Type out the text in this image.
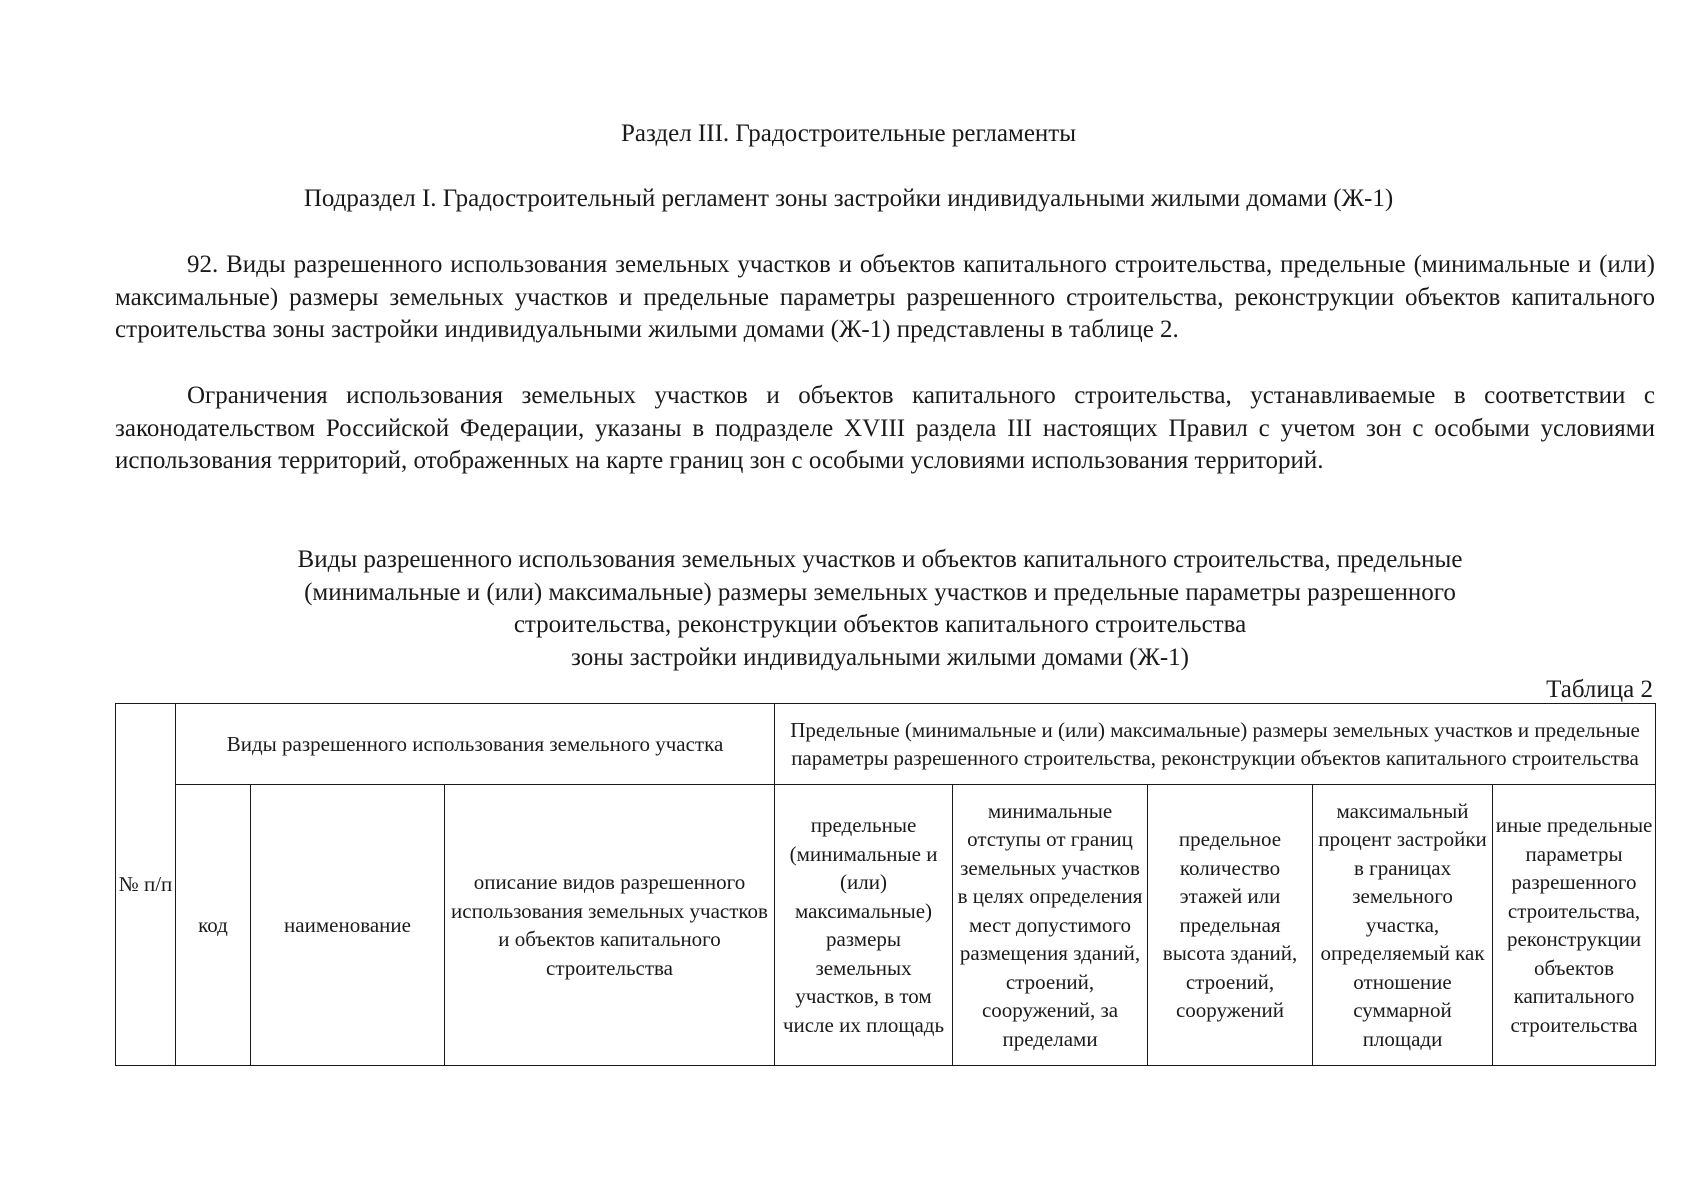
Раздел III. Градостроительные регламенты
Подраздел I. Градостроительный регламент зоны застройки индивидуальными жилыми домами (Ж-1)

92. Виды разрешенного использования земельных участков и объектов капитального строительства, предельные (минимальные и (или) максимальные) размеры земельных участков и предельные параметры разрешенного строительства, реконструкции объектов капитального строительства зоны застройки индивидуальными жилыми домами (Ж-1) представлены в таблице 2.

Ограничения использования земельных участков и объектов капитального строительства, устанавливаемые в соответствии с законодательством Российской Федерации, указаны в подразделе XVIII раздела III настоящих Правил с учетом зон с особыми условиями использования территорий, отображенных на карте границ зон с особыми условиями использования территорий.

Виды разрешенного использования земельных участков и объектов капитального строительства, предельные
(минимальные и (или) максимальные) размеры земельных участков и предельные параметры разрешенного
строительства, реконструкции объектов капитального строительства
зоны застройки индивидуальными жилыми домами (Ж-1)
Таблица 2
№ п/п	Виды разрешенного использования земельного участка			Предельные (минимальные и (или) максимальные) размеры земельных участков и предельные параметры разрешенного строительства, реконструкции объектов капитального строительства				
	код	наименование	описание видов разрешенного использования земельных участков и объектов капитального строительства	предельные (минимальные и (или) максимальные) размеры земельных участков, в том числе их площадь	минимальные отступы от границ земельных участков в целях определения мест допустимого размещения зданий, строений, сооружений, за пределами	предельное количество этажей или предельная высота зданий, строений, сооружений	максимальный процент застройки в границах земельного участка, определяемый как отношение суммарной площади	иные предельные параметры разрешенного строительства, реконструкции объектов капитального строительства
